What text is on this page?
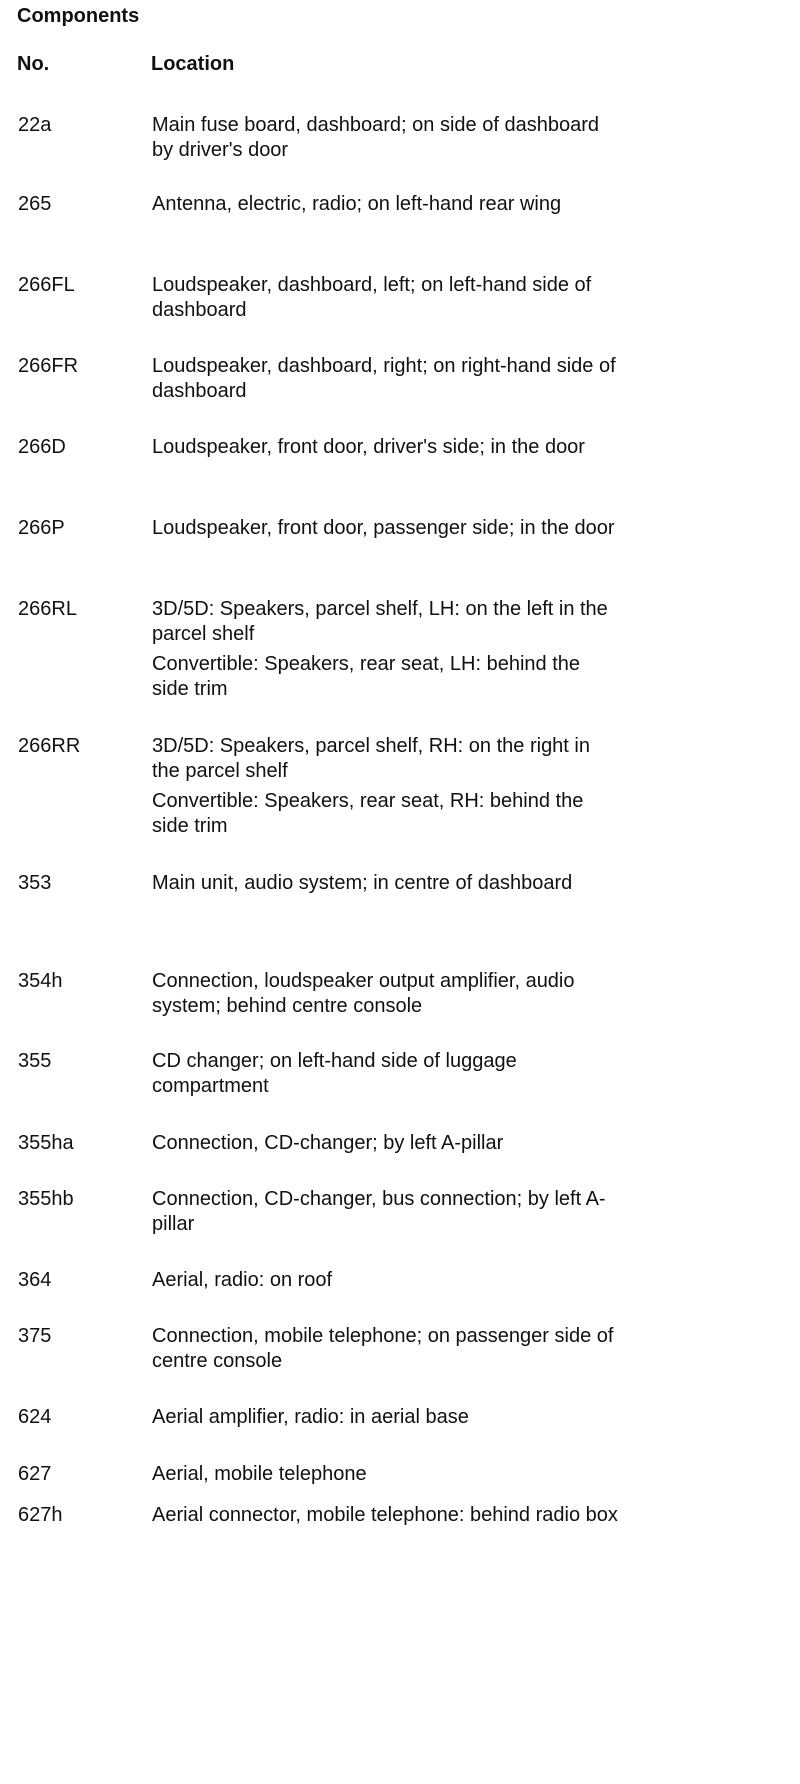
Components
No.	Location
22a	Main fuse board, dashboard; on side of dashboard by driver's door
265	Antenna, electric, radio; on left-hand rear wing
266FL	Loudspeaker, dashboard, left; on left-hand side of dashboard
266FR	Loudspeaker, dashboard, right; on right-hand side of dashboard
266D	Loudspeaker, front door, driver's side; in the door
266P	Loudspeaker, front door, passenger side; in the door
266RL	3D/5D: Speakers, parcel shelf, LH: on the left in the parcel shelf
Convertible: Speakers, rear seat, LH: behind the side trim
266RR	3D/5D: Speakers, parcel shelf, RH: on the right in the parcel shelf
Convertible: Speakers, rear seat, RH: behind the side trim
353	Main unit, audio system; in centre of dashboard
354h	Connection, loudspeaker output amplifier, audio system; behind centre console
355	CD changer; on left-hand side of luggage compartment
355ha	Connection, CD-changer; by left A-pillar
355hb	Connection, CD-changer, bus connection; by left A-pillar
364	Aerial, radio: on roof
375	Connection, mobile telephone; on passenger side of centre console
624	Aerial amplifier, radio: in aerial base
627	Aerial, mobile telephone
627h	Aerial connector, mobile telephone: behind radio box
